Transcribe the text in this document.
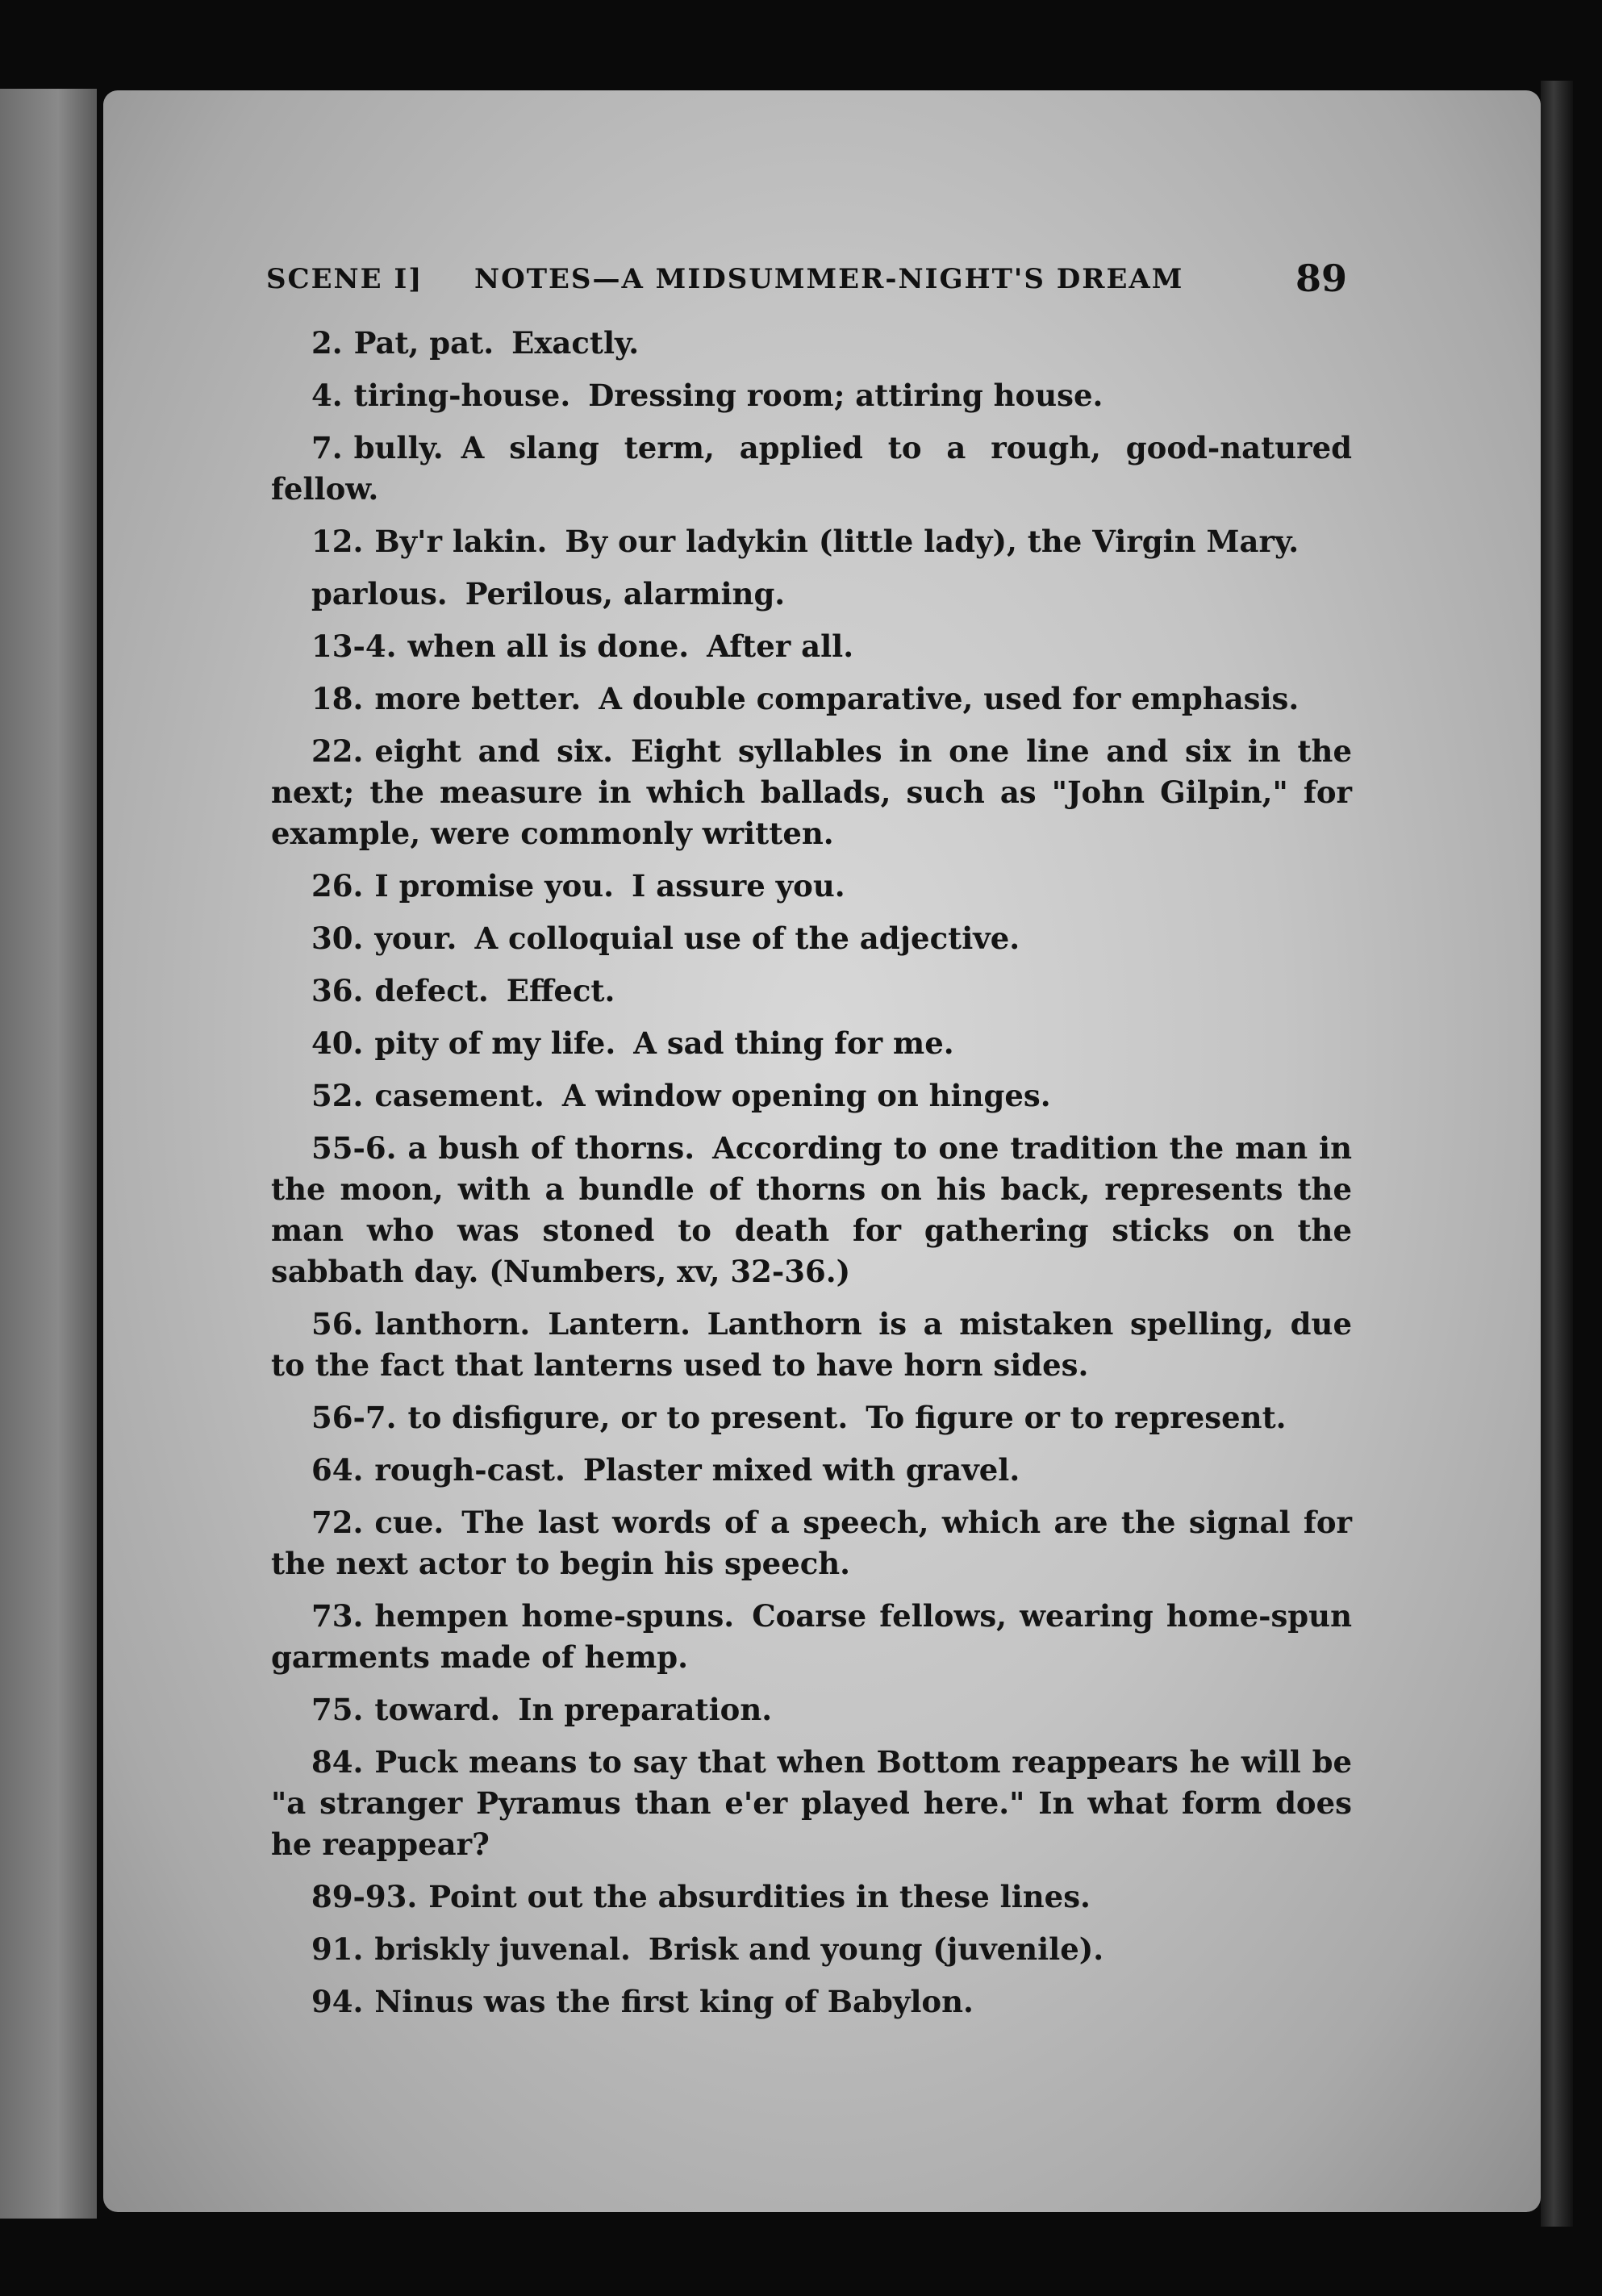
SCENE I] NOTES—A MIDSUMMER-NIGHT'S DREAM	89
2. Pat, pat. Exactly.
4. tiring-house. Dressing room; attiring house.
7. bully. A slang term, applied to a rough, good-natured fellow.
12. By'r lakin. By our ladykin (little lady), the Virgin Mary.
parlous. Perilous, alarming.
13-4. when all is done. After all.
18. more better. A double comparative, used for emphasis.
22. eight and six. Eight syllables in one line and six in the next; the measure in which ballads, such as "John Gilpin," for example, were commonly written.
26. I promise you. I assure you.
30. your. A colloquial use of the adjective.
36. defect. Effect.
40. pity of my life. A sad thing for me.
52. casement. A window opening on hinges.
55-6. a bush of thorns. According to one tradition the man in the moon, with a bundle of thorns on his back, represents the man who was stoned to death for gathering sticks on the sabbath day. (Numbers, xv, 32-36.)
56. lanthorn. Lantern. Lanthorn is a mistaken spelling, due to the fact that lanterns used to have horn sides.
56-7. to disfigure, or to present. To figure or to represent.
64. rough-cast. Plaster mixed with gravel.
72. cue. The last words of a speech, which are the signal for the next actor to begin his speech.
73. hempen home-spuns. Coarse fellows, wearing home-spun garments made of hemp.
75. toward. In preparation.
84. Puck means to say that when Bottom reappears he will be "a stranger Pyramus than e'er played here." In what form does he reappear?
89-93. Point out the absurdities in these lines.
91. briskly juvenal. Brisk and young (juvenile).
94. Ninus was the first king of Babylon.
